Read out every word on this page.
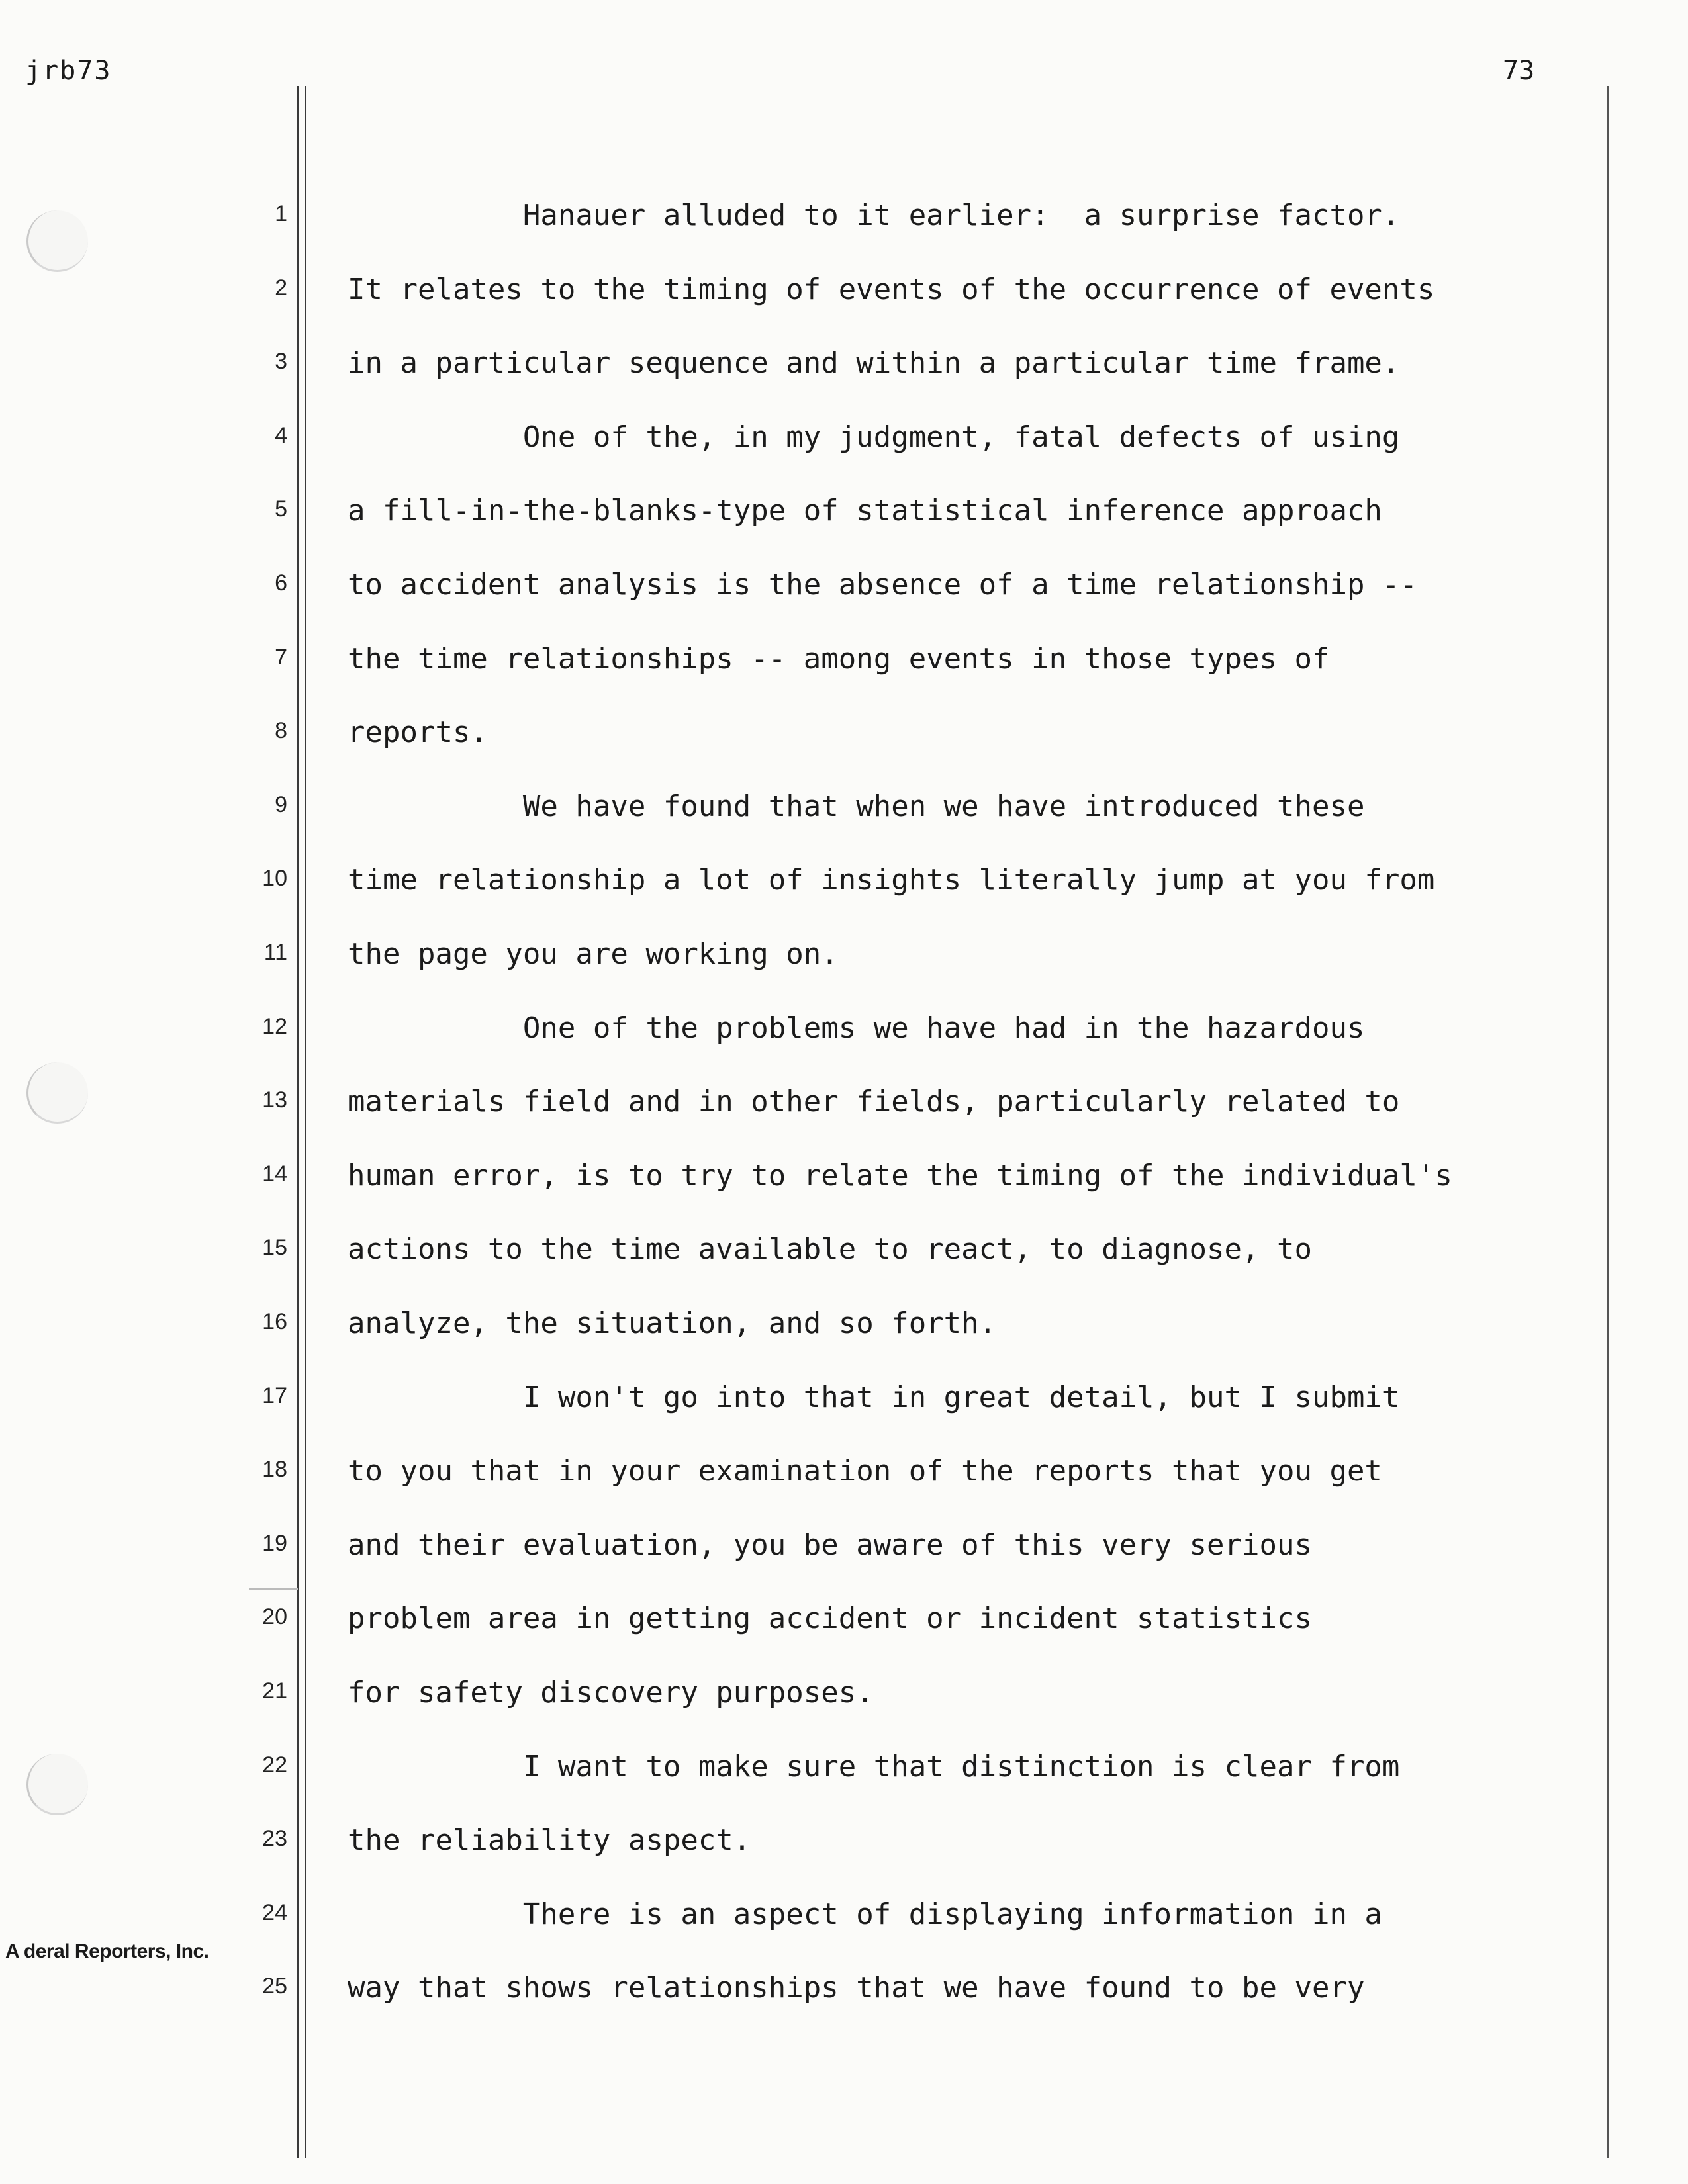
jrb73	73
1 Hanauer alluded to it earlier:  a surprise factor.
2 It relates to the timing of events of the occurrence of events
3 in a particular sequence and within a particular time frame.
4 One of the, in my judgment, fatal defects of using
5 a fill-in-the-blanks-type of statistical inference approach
6 to accident analysis is the absence of a time relationship --
7 the time relationships -- among events in those types of
8 reports.
9 We have found that when we have introduced these
10 time relationship a lot of insights literally jump at you from
11 the page you are working on.
12 One of the problems we have had in the hazardous
13 materials field and in other fields, particularly related to
14 human error, is to try to relate the timing of the individual's
15 actions to the time available to react, to diagnose, to
16 analyze, the situation, and so forth.
17 I won't go into that in great detail, but I submit
18 to you that in your examination of the reports that you get
19 and their evaluation, you be aware of this very serious
20 problem area in getting accident or incident statistics
21 for safety discovery purposes.
22 I want to make sure that distinction is clear from
23 the reliability aspect.
24 There is an aspect of displaying information in a
25 way that shows relationships that we have found to be very
A deral Reporters, Inc.
